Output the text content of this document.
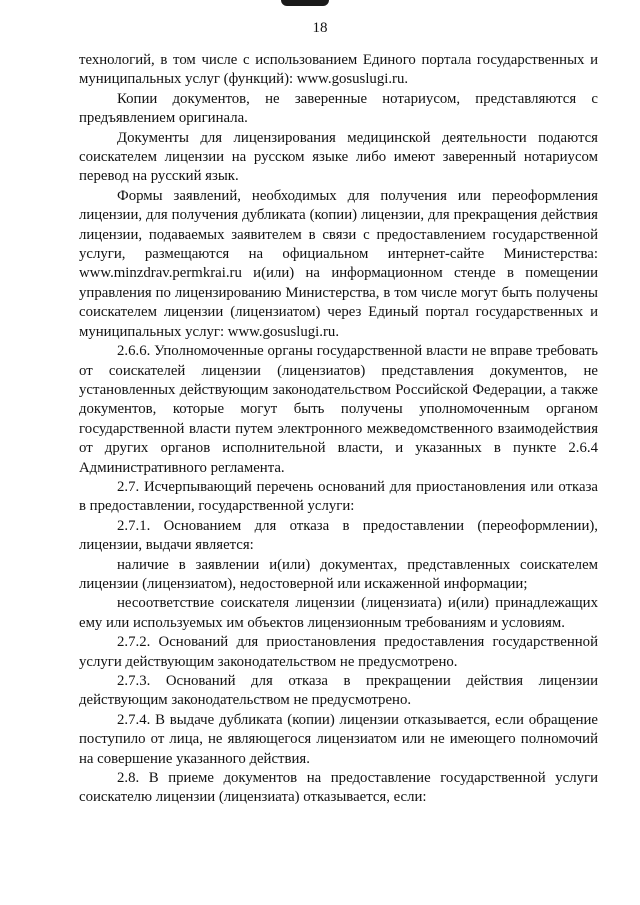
18

технологий, в том числе с использованием Единого портала государственных и муниципальных услуг (функций): www.gosuslugi.ru.

Копии документов, не заверенные нотариусом, представляются с предъявлением оригинала.

Документы для лицензирования медицинской деятельности подаются соискателем лицензии на русском языке либо имеют заверенный нотариусом перевод на русский язык.

Формы заявлений, необходимых для получения или переоформления лицензии, для получения дубликата (копии) лицензии, для прекращения действия лицензии, подаваемых заявителем в связи с предоставлением государственной услуги, размещаются на официальном интернет-сайте Министерства: www.minzdrav.permkrai.ru и(или) на информационном стенде в помещении управления по лицензированию Министерства, в том числе могут быть получены соискателем лицензии (лицензиатом) через Единый портал государственных и муниципальных услуг: www.gosuslugi.ru.

2.6.6. Уполномоченные органы государственной власти не вправе требовать от соискателей лицензии (лицензиатов) представления документов, не установленных действующим законодательством Российской Федерации, а также документов, которые могут быть получены уполномоченным органом государственной власти путем электронного межведомственного взаимодействия от других органов исполнительной власти, и указанных в пункте 2.6.4 Административного регламента.

2.7. Исчерпывающий перечень оснований для приостановления или отказа в предоставлении, государственной услуги:

2.7.1. Основанием для отказа в предоставлении (переоформлении), лицензии, выдачи является:

наличие в заявлении и(или) документах, представленных соискателем лицензии (лицензиатом), недостоверной или искаженной информации;

несоответствие соискателя лицензии (лицензиата) и(или) принадлежащих ему или используемых им объектов лицензионным требованиям и условиям.

2.7.2. Оснований для приостановления предоставления государственной услуги действующим законодательством не предусмотрено.

2.7.3. Оснований для отказа в прекращении действия лицензии действующим законодательством не предусмотрено.

2.7.4. В выдаче дубликата (копии) лицензии отказывается, если обращение поступило от лица, не являющегося лицензиатом или не имеющего полномочий на совершение указанного действия.

2.8. В приеме документов на предоставление государственной услуги соискателю лицензии (лицензиата) отказывается, если:
